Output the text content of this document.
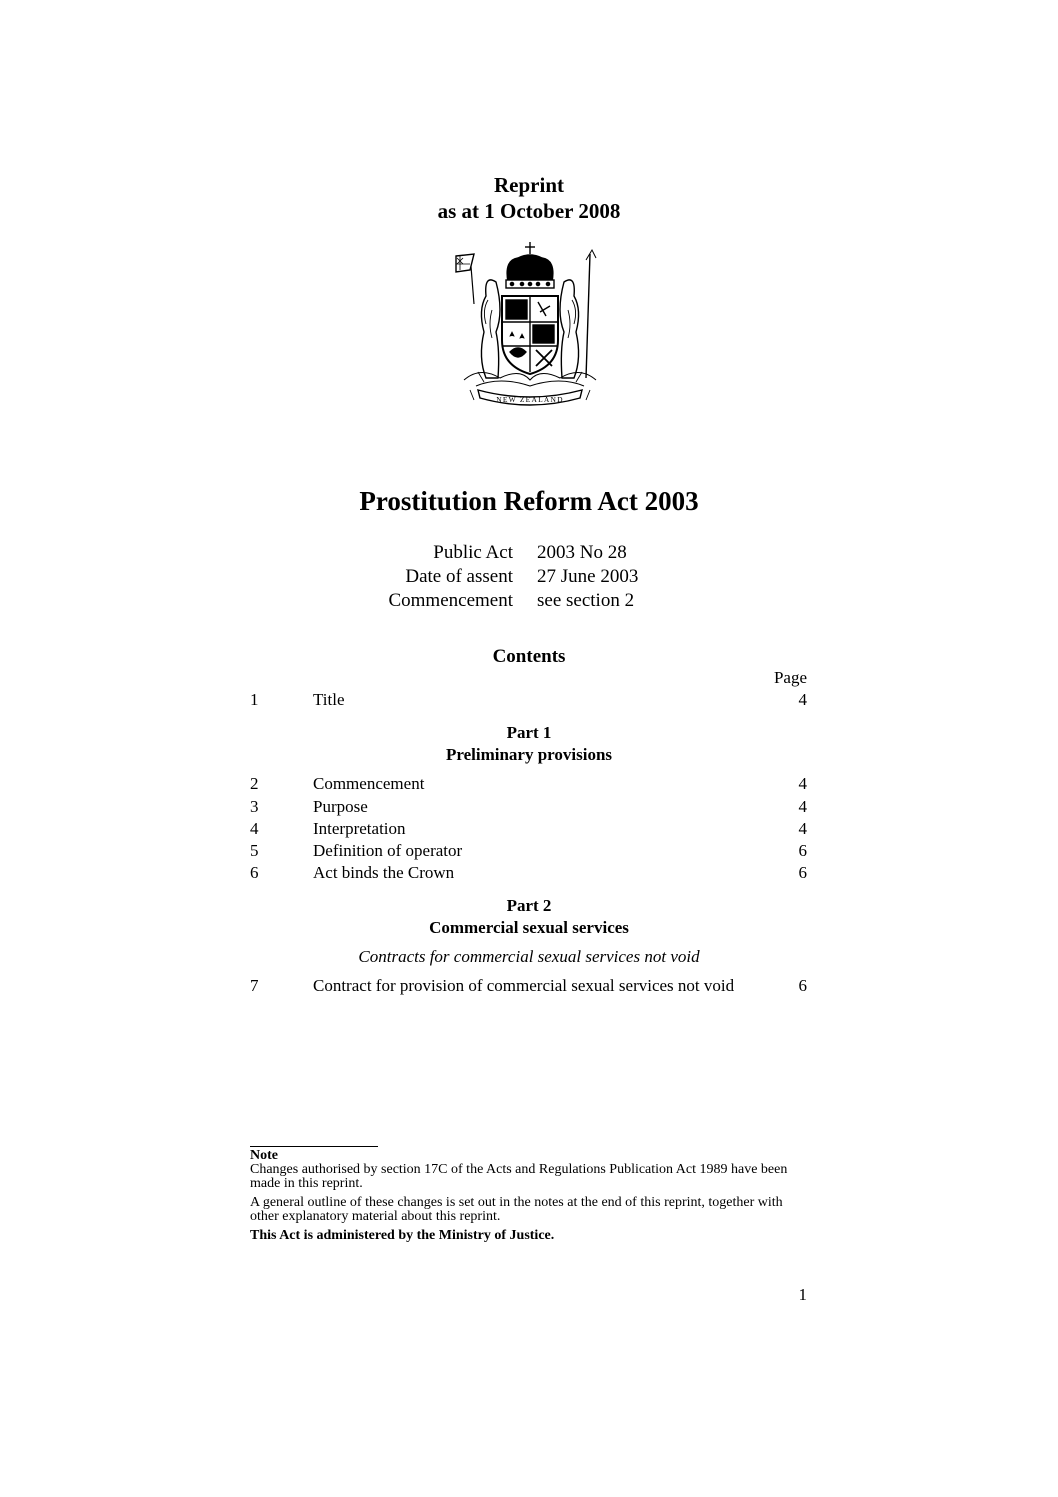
Reprint
as at 1 October 2008
NEW ZEALAND
Prostitution Reform Act 2003
Public Act 2003 No 28
Date of assent 27 June 2003
Commencement see section 2
Contents
Page
1	Title	4
Part 1
Preliminary provisions
2	Commencement	4
3	Purpose	4
4	Interpretation	4
5	Definition of operator	6
6	Act binds the Crown	6
Part 2
Commercial sexual services
Contracts for commercial sexual services not void
7	Contract for provision of commercial sexual services not void	6

Note

Changes authorised by section 17C of the Acts and Regulations Publication Act 1989 have been made in this reprint.

A general outline of these changes is set out in the notes at the end of this reprint, together with other explanatory material about this reprint.

This Act is administered by the Ministry of Justice.

1
